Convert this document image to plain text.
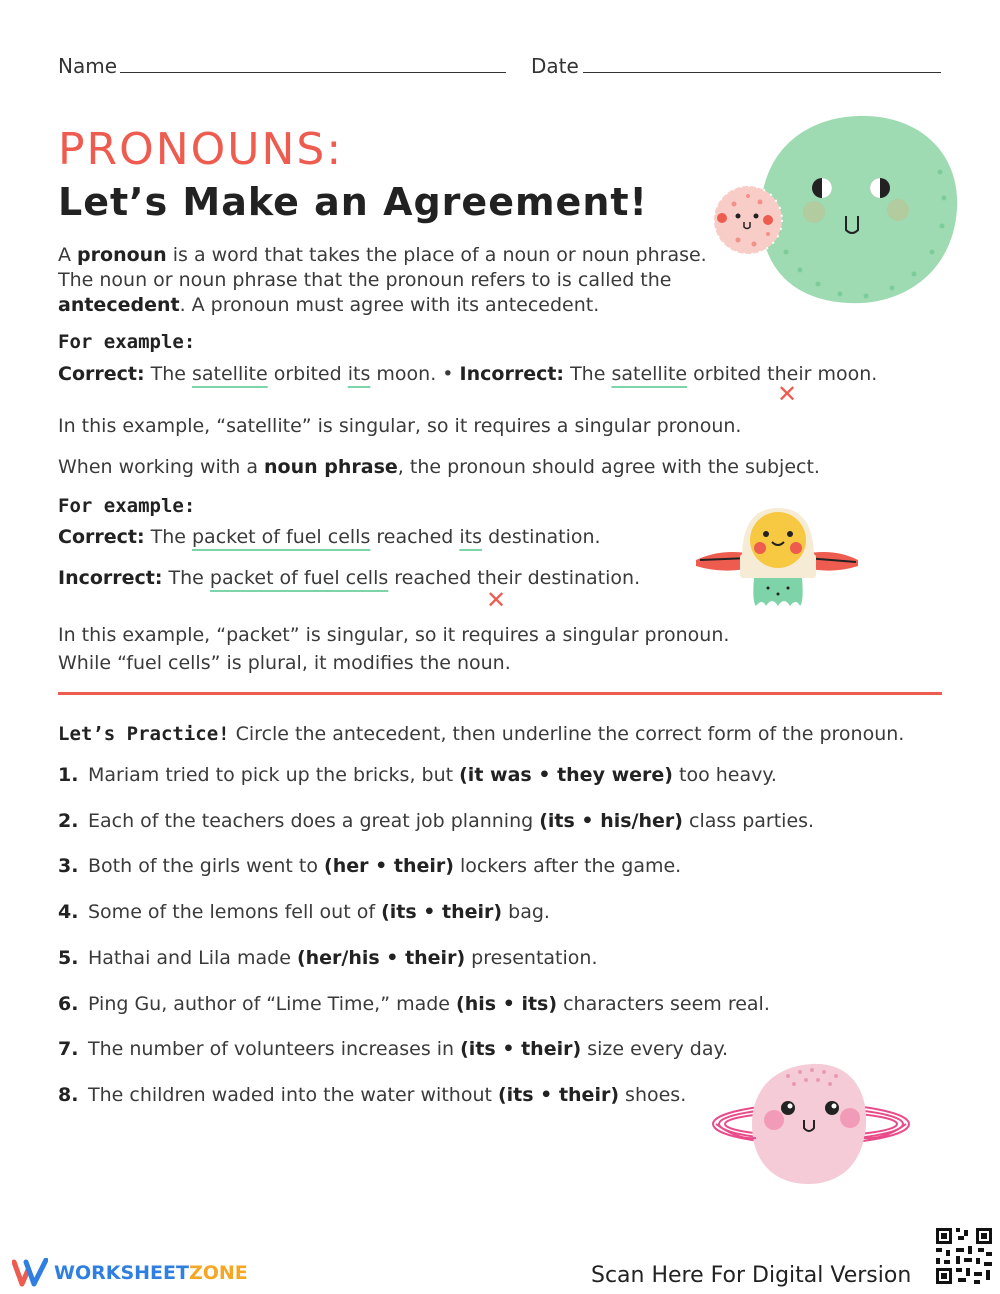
Name	Date
PRONOUNS:
Let’s Make an Agreement!
A pronoun is a word that takes the place of a noun or noun phrase.
The noun or noun phrase that the pronoun refers to is called the
antecedent. A pronoun must agree with its antecedent.
For example:
Correct: The satellite orbited its moon. • Incorrect: The satellite orbited their moon.
✕
In this example, “satellite” is singular, so it requires a singular pronoun.
When working with a noun phrase, the pronoun should agree with the subject.
For example:
Correct: The packet of fuel cells reached its destination.
Incorrect: The packet of fuel cells reached their destination.
✕
In this example, “packet” is singular, so it requires a singular pronoun.
While “fuel cells” is plural, it modifies the noun.
Let’s Practice! Circle the antecedent, then underline the correct form of the pronoun.
1. Mariam tried to pick up the bricks, but (it was • they were) too heavy.
2. Each of the teachers does a great job planning (its • his/her) class parties.
3. Both of the girls went to (her • their) lockers after the game.
4. Some of the lemons fell out of (its • their) bag.
5. Hathai and Lila made (her/his • their) presentation.
6. Ping Gu, author of “Lime Time,” made (his • its) characters seem real.
7. The number of volunteers increases in (its • their) size every day.
8. The children waded into the water without (its • their) shoes.
WORKSHEETZONE	Scan Here For Digital Version
